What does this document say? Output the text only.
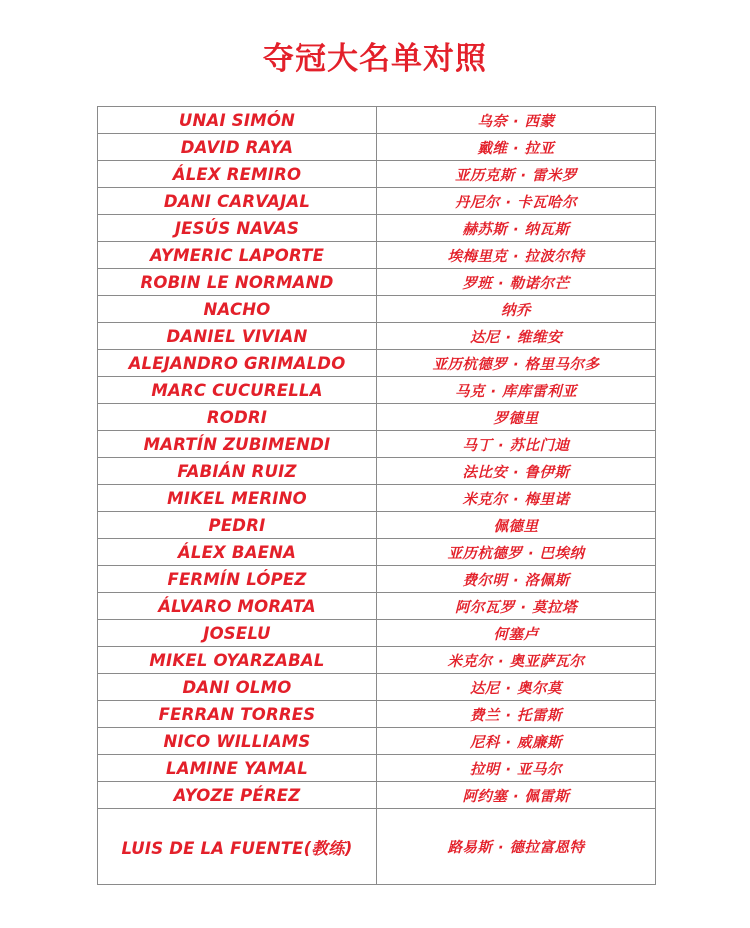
夺冠大名单对照
UNAI SIMÓN	乌奈 · 西蒙
DAVID RAYA	戴维 · 拉亚
ÁLEX REMIRO	亚历克斯 · 雷米罗
DANI CARVAJAL	丹尼尔 · 卡瓦哈尔
JESÚS NAVAS	赫苏斯 · 纳瓦斯
AYMERIC LAPORTE	埃梅里克 · 拉波尔特
ROBIN LE NORMAND	罗班 · 勒诺尔芒
NACHO	纳乔
DANIEL VIVIAN	达尼 · 维维安
ALEJANDRO GRIMALDO	亚历杭德罗 · 格里马尔多
MARC CUCURELLA	马克 · 库库雷利亚
RODRI	罗德里
MARTÍN ZUBIMENDI	马丁 · 苏比门迪
FABIÁN RUIZ	法比安 · 鲁伊斯
MIKEL MERINO	米克尔 · 梅里诺
PEDRI	佩德里
ÁLEX BAENA	亚历杭德罗 · 巴埃纳
FERMÍN LÓPEZ	费尔明 · 洛佩斯
ÁLVARO MORATA	阿尔瓦罗 · 莫拉塔
JOSELU	何塞卢
MIKEL OYARZABAL	米克尔 · 奥亚萨瓦尔
DANI OLMO	达尼 · 奥尔莫
FERRAN TORRES	费兰 · 托雷斯
NICO WILLIAMS	尼科 · 威廉斯
LAMINE YAMAL	拉明 · 亚马尔
AYOZE PÉREZ	阿约塞 · 佩雷斯
LUIS DE LA FUENTE(教练)	路易斯 · 德拉富恩特
